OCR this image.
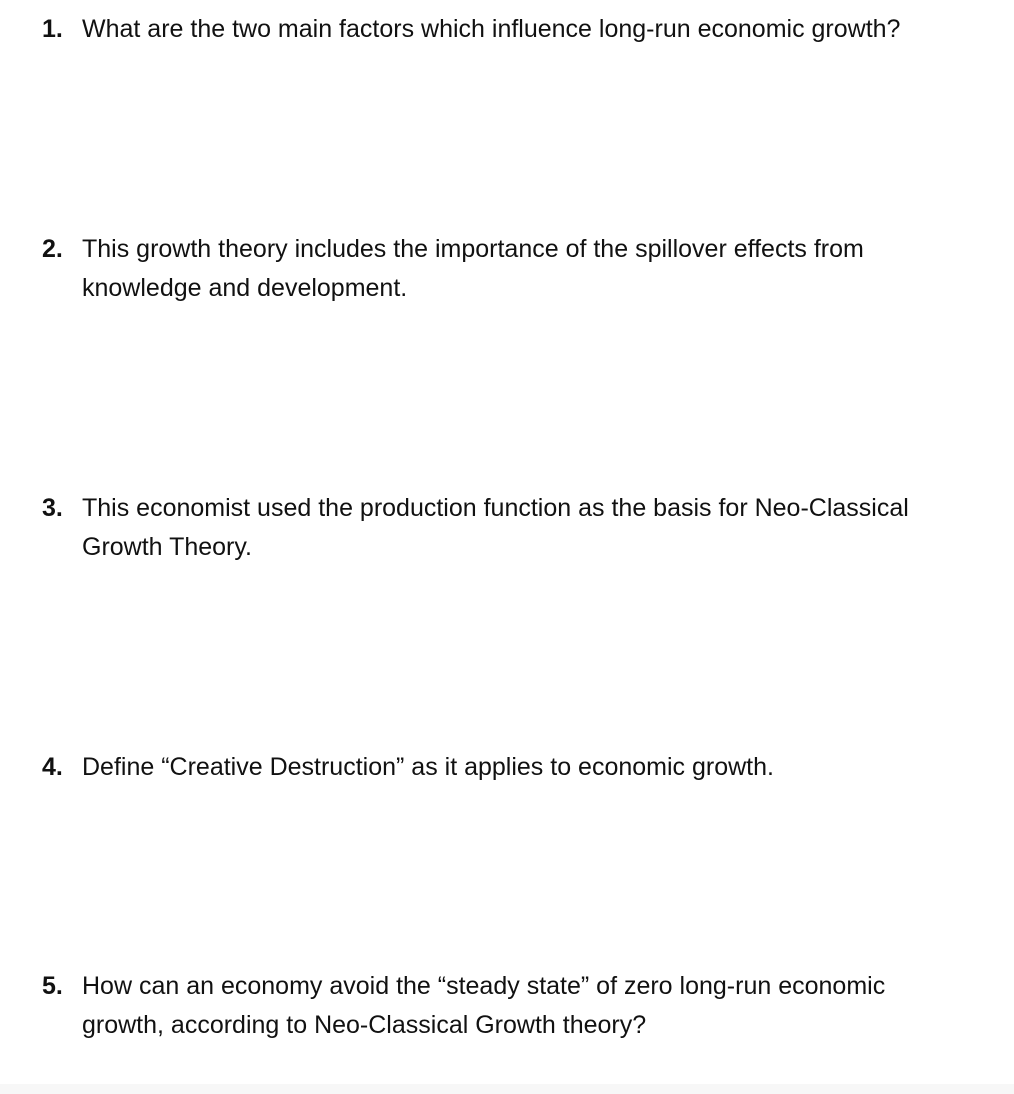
1. What are the two main factors which influence long-run economic growth?
2. This growth theory includes the importance of the spillover effects from knowledge and development.
3. This economist used the production function as the basis for Neo-Classical Growth Theory.
4. Define “Creative Destruction” as it applies to economic growth.
5. How can an economy avoid the “steady state” of zero long-run economic growth, according to Neo-Classical Growth theory?
